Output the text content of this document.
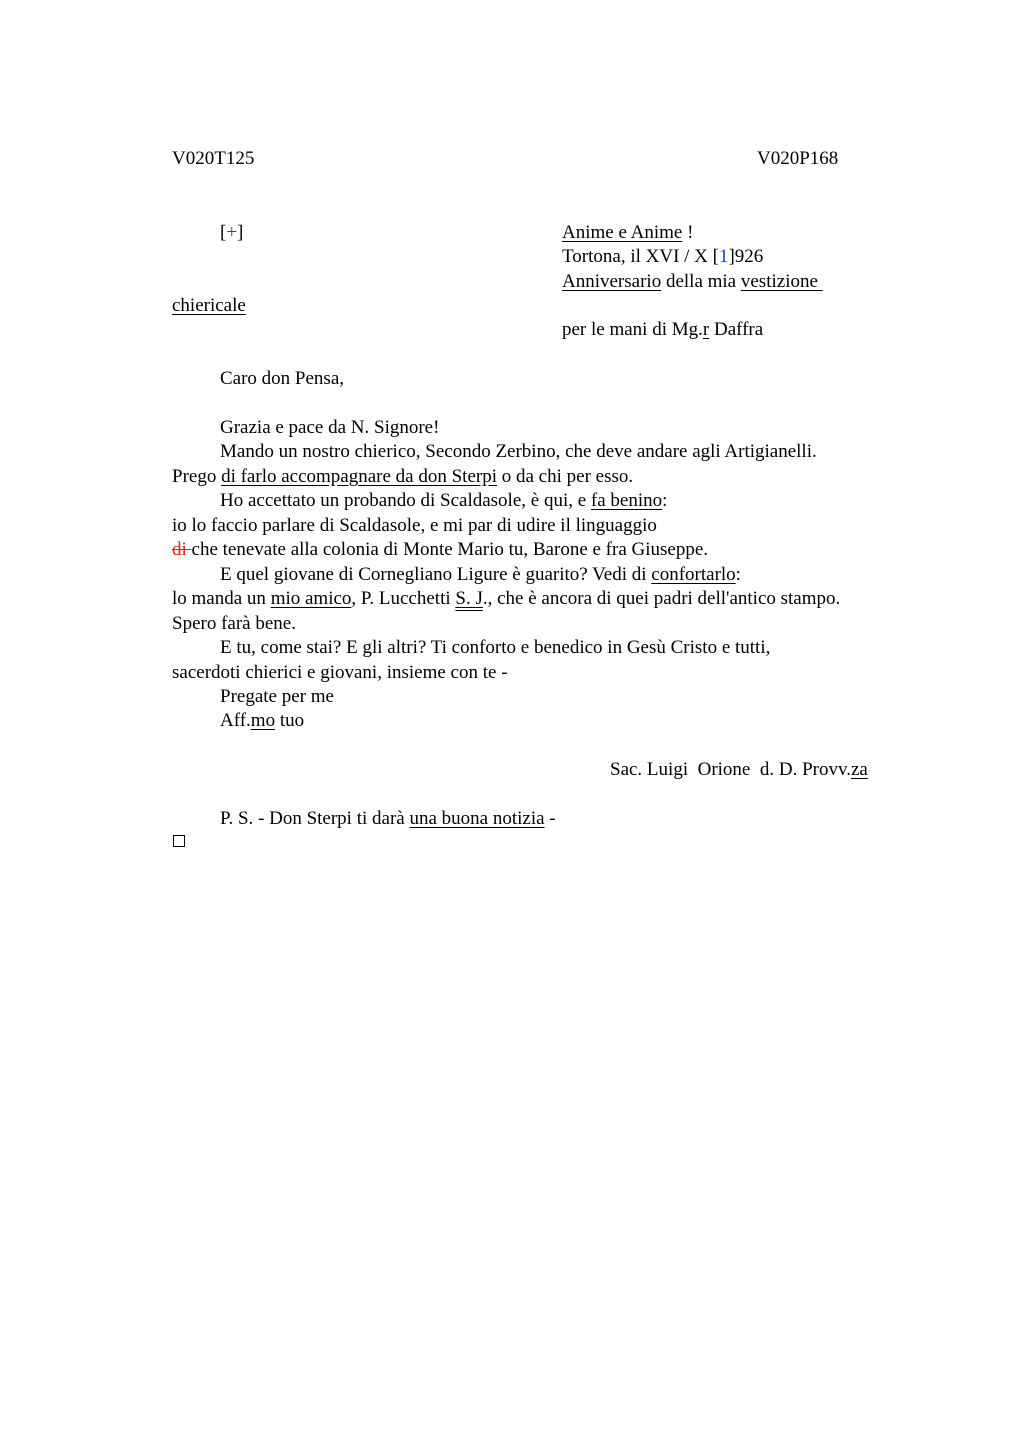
V020T125	V020P168
[+]	Anime e Anime !
Tortona, il XVI / X [1]926
Anniversario della mia vestizione
chiericale
per le mani di Mg.r Daffra
Caro don Pensa,
Grazia e pace da N. Signore!
Mando un nostro chierico, Secondo Zerbino, che deve andare agli Artigianelli.
Prego di farlo accompagnare da don Sterpi o da chi per esso.
Ho accettato un probando di Scaldasole, è qui, e fa benino:
io lo faccio parlare di Scaldasole, e mi par di udire il linguaggio
di che tenevate alla colonia di Monte Mario tu, Barone e fra Giuseppe.
E quel giovane di Cornegliano Ligure è guarito? Vedi di confortarlo:
lo manda un mio amico, P. Lucchetti S. J., che è ancora di quei padri dell'antico stampo.
Spero farà bene.
E tu, come stai? E gli altri? Ti conforto e benedico in Gesù Cristo e tutti,
sacerdoti chierici e giovani, insieme con te -
Pregate per me
Aff.mo tuo
Sac. Luigi  Orione  d. D. Provv.za
P. S. - Don Sterpi ti darà una buona notizia -
